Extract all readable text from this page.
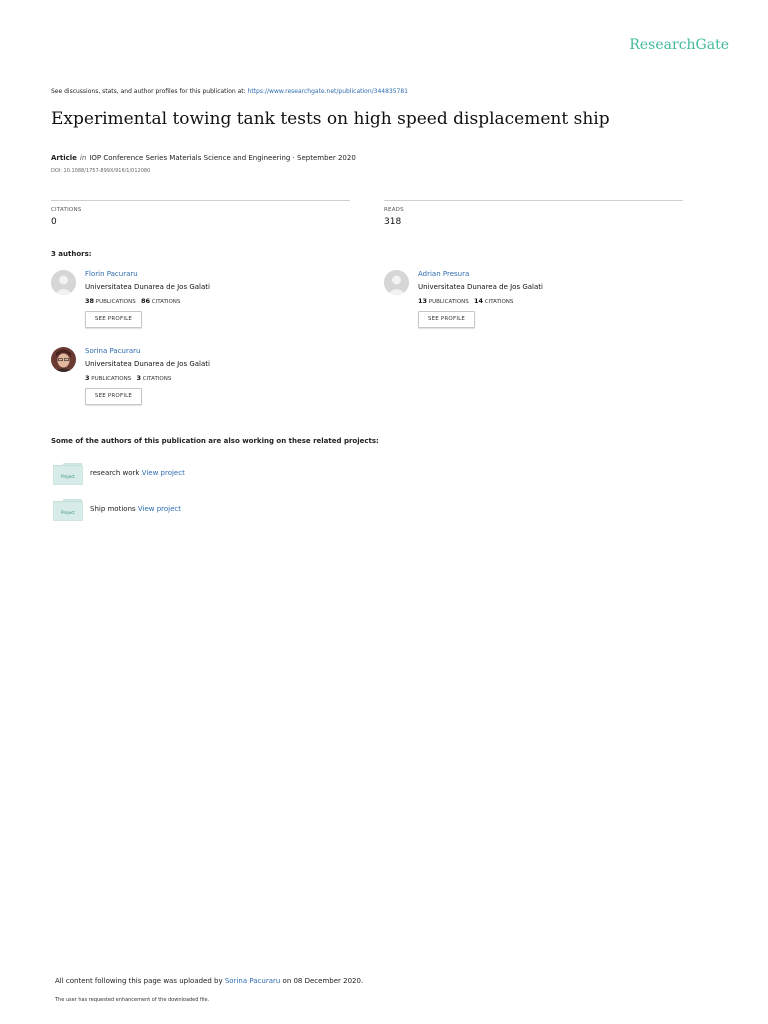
ResearchGate
See discussions, stats, and author profiles for this publication at: https://www.researchgate.net/publication/344835781
Experimental towing tank tests on high speed displacement ship
Article in IOP Conference Series Materials Science and Engineering · September 2020
DOI: 10.1088/1757-899X/916/1/012080
CITATIONS
0
READS
318
3 authors:
Florin Pacuraru
Universitatea Dunarea de Jos Galati
38 PUBLICATIONS 86 CITATIONS
SEE PROFILE
Adrian Presura
Universitatea Dunarea de Jos Galati
13 PUBLICATIONS 14 CITATIONS
SEE PROFILE
Sorina Pacuraru
Universitatea Dunarea de Jos Galati
3 PUBLICATIONS 3 CITATIONS
SEE PROFILE
Some of the authors of this publication are also working on these related projects:
Project research work View project
Project Ship motions View project
All content following this page was uploaded by Sorina Pacuraru on 08 December 2020.
The user has requested enhancement of the downloaded file.
